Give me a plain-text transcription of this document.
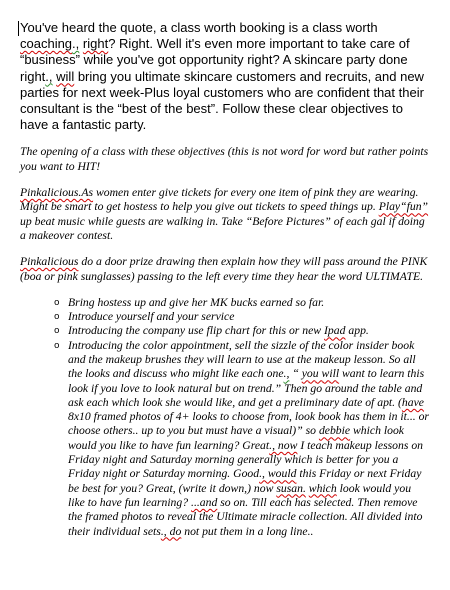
You've heard the quote, a class worth booking is a class worth coaching., right? Right. Well it's even more important to take care of “business” while you've got opportunity right? A skincare party done right., will bring you ultimate skincare customers and recruits, and new parties for next week-Plus loyal customers who are confident that their consultant is the “best of the best”. Follow these clear objectives to have a fantastic party.

The opening of a class with these objectives (this is not word for word but rather points you want to HIT!

Pinkalicious.As women enter give tickets for every one item of pink they are wearing. Might be smart to get hostess to help you give out tickets to speed things up. Play“fun” up beat music while guests are walking in. Take “Before Pictures” of each gal if doing a makeover contest.

Pinkalicious do a door prize drawing then explain how they will pass around the PINK (boa or pink sunglasses) passing to the left every time they hear the word ULTIMATE.

o Bring hostess up and give her MK bucks earned so far.
o Introduce yourself and your service
o Introducing the company use flip chart for this or new Ipad app.
o Introducing the color appointment, sell the sizzle of the color insider book and the makeup brushes they will learn to use at the makeup lesson. So all the looks and discuss who might like each one., “ you will want to learn this look if you love to look natural but on trend.” Then go around the table and ask each which look she would like, and get a preliminary date of apt. (have 8x10 framed photos of 4+ looks to choose from, look book has them in it... or choose others.. up to you but must have a visual)” so debbie which look would you like to have fun learning? Great., now I teach makeup lessons on Friday night and Saturday morning generally which is better for you a Friday night or Saturday morning. Good., would this Friday or next Friday be best for you? Great, (write it down,) now susan. which look would you like to have fun learning? ...and so on. Till each has selected. Then remove the framed photos to reveal the Ultimate miracle collection. All divided into their individual sets., do not put them in a long line..
